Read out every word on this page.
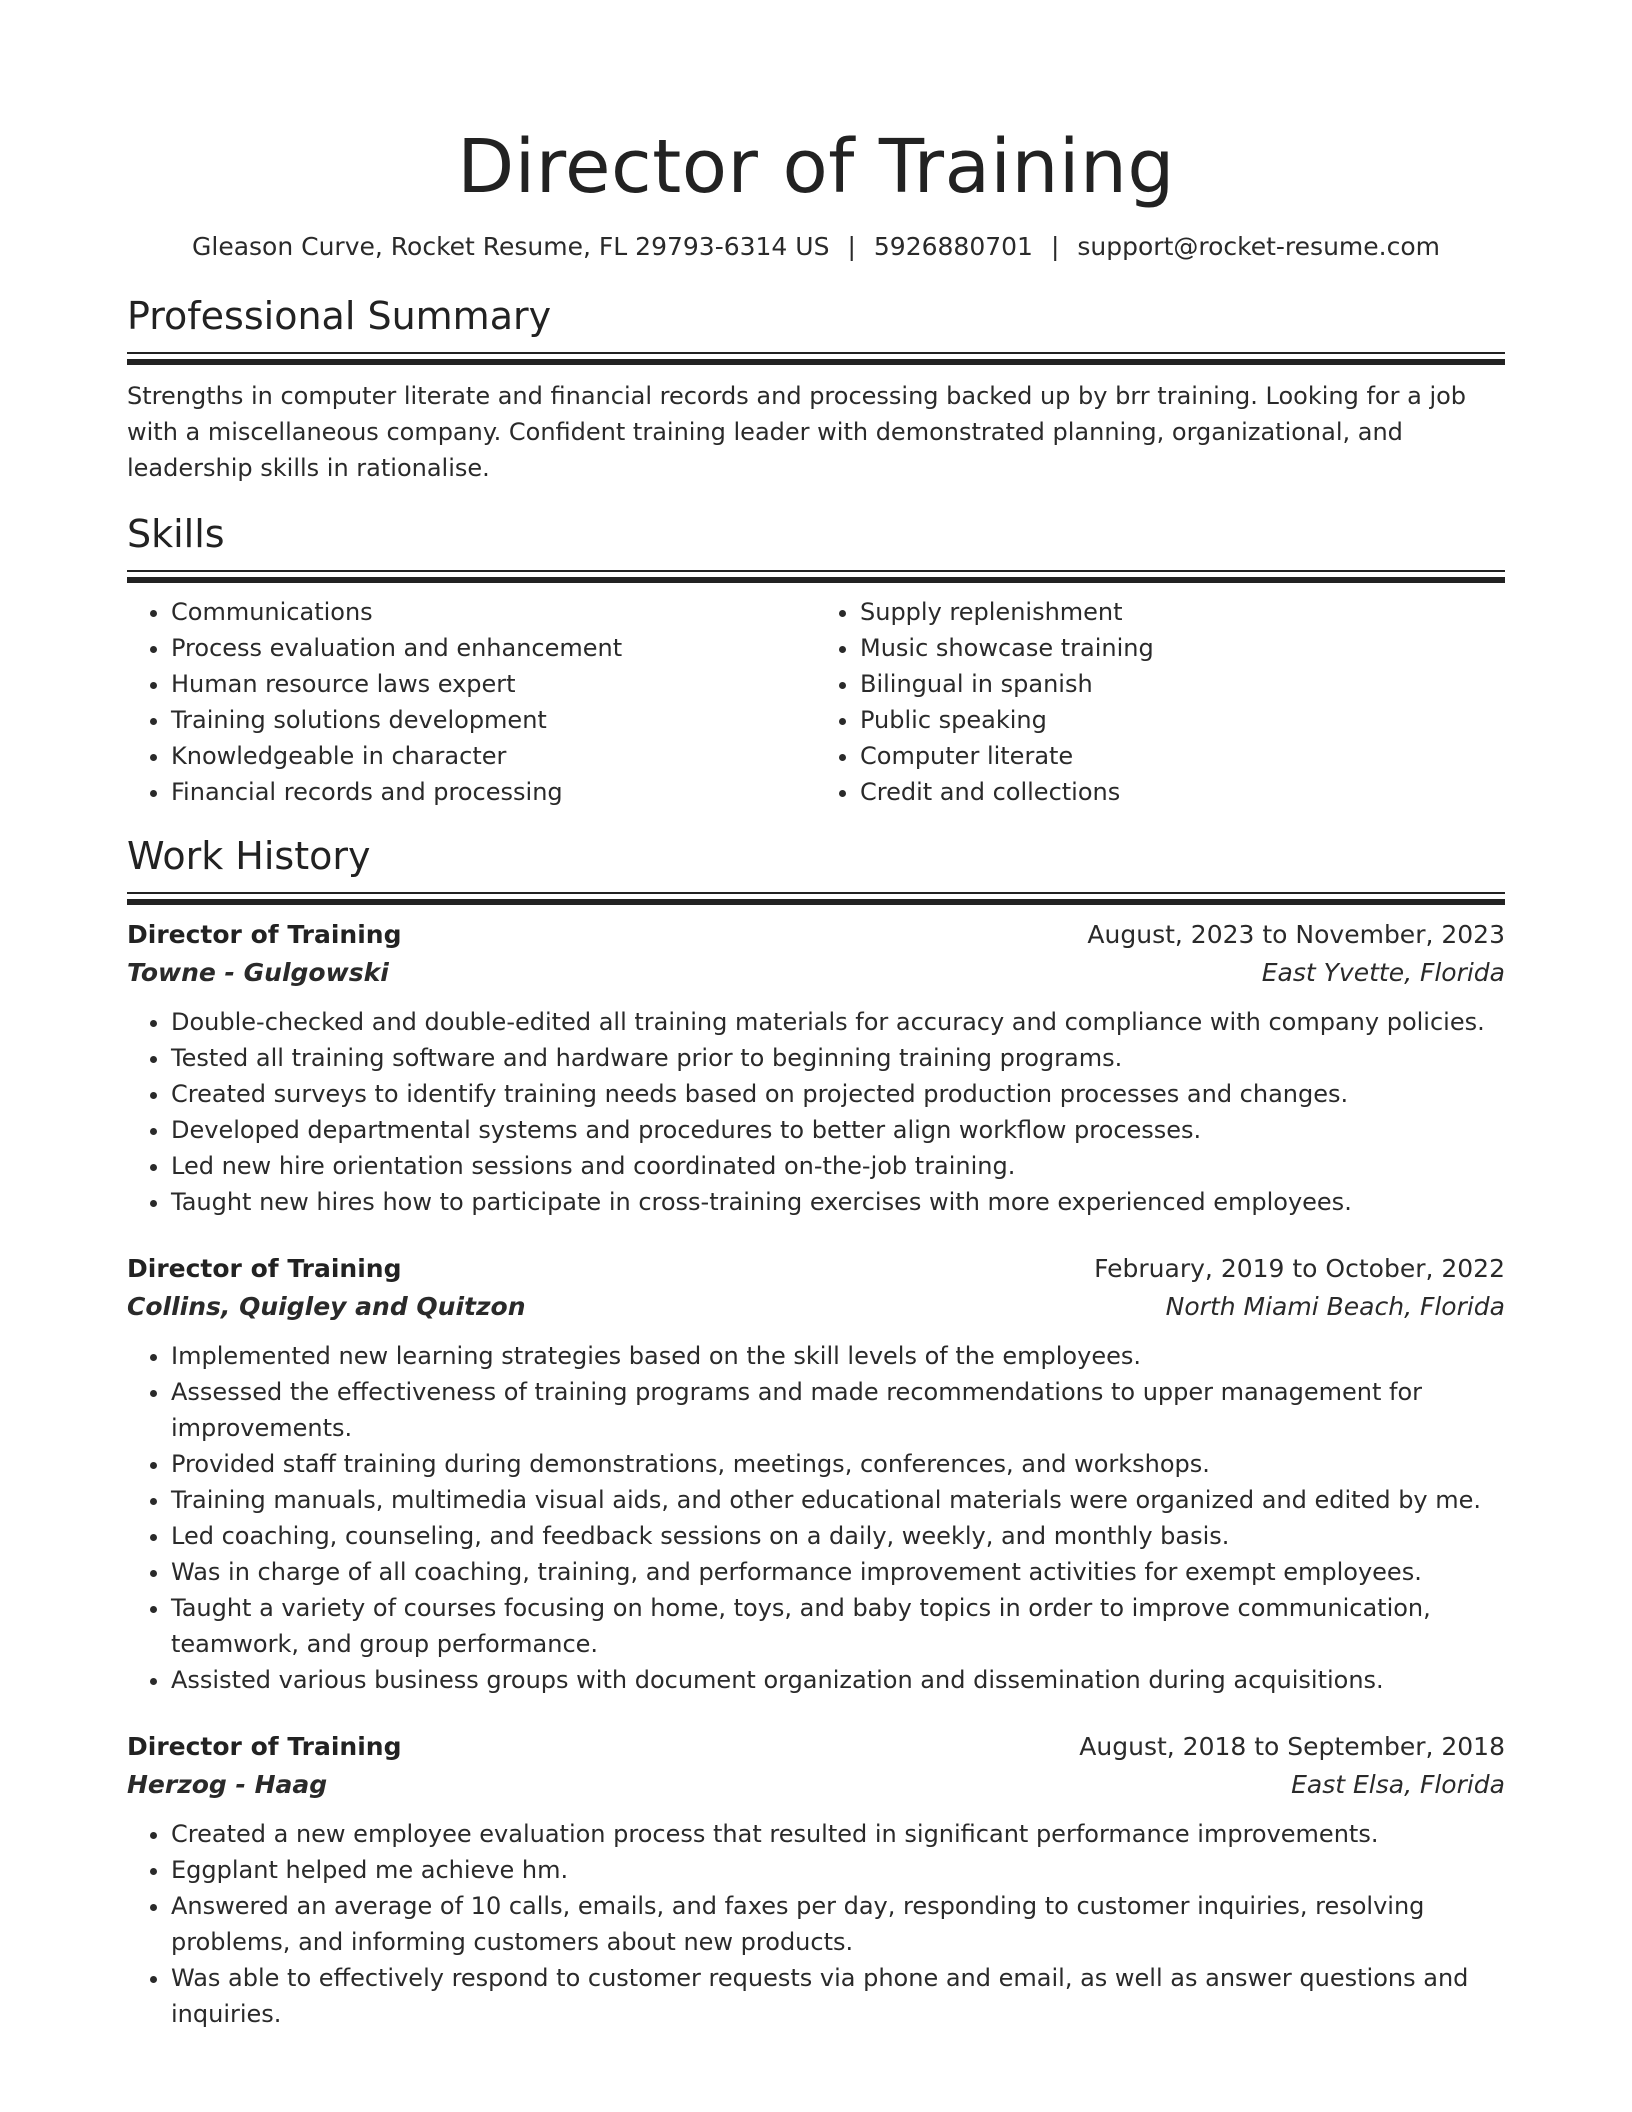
Director of Training
Gleason Curve, Rocket Resume, FL 29793-6314 US | 5926880701 | support@rocket-resume.com
Professional Summary
Strengths in computer literate and financial records and processing backed up by brr training. Looking for a job with a miscellaneous company. Confident training leader with demonstrated planning, organizational, and leadership skills in rationalise.
Skills
• Communications
• Process evaluation and enhancement
• Human resource laws expert
• Training solutions development
• Knowledgeable in character
• Financial records and processing
• Supply replenishment
• Music showcase training
• Bilingual in spanish
• Public speaking
• Computer literate
• Credit and collections
Work History
Director of Training	August, 2023 to November, 2023
Towne - Gulgowski	East Yvette, Florida
• Double-checked and double-edited all training materials for accuracy and compliance with company policies.
• Tested all training software and hardware prior to beginning training programs.
• Created surveys to identify training needs based on projected production processes and changes.
• Developed departmental systems and procedures to better align workflow processes.
• Led new hire orientation sessions and coordinated on-the-job training.
• Taught new hires how to participate in cross-training exercises with more experienced employees.
Director of Training	February, 2019 to October, 2022
Collins, Quigley and Quitzon	North Miami Beach, Florida
• Implemented new learning strategies based on the skill levels of the employees.
• Assessed the effectiveness of training programs and made recommendations to upper management for improvements.
• Provided staff training during demonstrations, meetings, conferences, and workshops.
• Training manuals, multimedia visual aids, and other educational materials were organized and edited by me.
• Led coaching, counseling, and feedback sessions on a daily, weekly, and monthly basis.
• Was in charge of all coaching, training, and performance improvement activities for exempt employees.
• Taught a variety of courses focusing on home, toys, and baby topics in order to improve communication, teamwork, and group performance.
• Assisted various business groups with document organization and dissemination during acquisitions.
Director of Training	August, 2018 to September, 2018
Herzog - Haag	East Elsa, Florida
• Created a new employee evaluation process that resulted in significant performance improvements.
• Eggplant helped me achieve hm.
• Answered an average of 10 calls, emails, and faxes per day, responding to customer inquiries, resolving problems, and informing customers about new products.
• Was able to effectively respond to customer requests via phone and email, as well as answer questions and inquiries.
